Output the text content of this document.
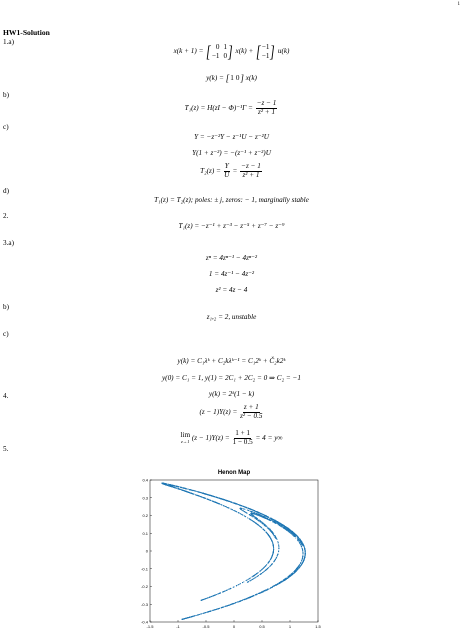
1
HW1-Solution
1.a)
x(k + 1) = [ 0 1
−1 0 ] x(k) + [ −1
−1 ] u(k)
y(k) = [ 1 0 ] x(k)
b)
$T_1(z) = H(zI - \Phi)^{-1}\Gamma = \frac{-z - 1}{\text{z² + 1}}$
c)
Y = −z⁻²Y − z⁻¹U − z⁻²U
Y(1 + z⁻²) = −(z⁻¹ + z⁻²)U
$T_2(z) = \frac{Y}{U} = \frac{-z - 1}{\text{z² + 1}}$
d)
T₁(z) = T₂(z); poles: ± j, zeros: − 1, marginally stable
2.
T₁(z) = −z⁻¹ + z⁻³ − z⁻⁵ + z⁻⁷ − z⁻⁹
3.a)
zⁿ = 4zⁿ⁻¹ − 4zⁿ⁻²
1 = 4z⁻¹ − 4z⁻²
z² = 4z − 4
b)
z₁,₂ = 2, unstable
c)
y(k) = C₁λᵏ + C₂kλᵏ⁻¹ = C₁2ᵏ + Č₂k2ᵏ
y(0) = C₁ = 1, y(1) = 2C₁ + 2C₂ = 0 ⇒ C₂ = −1
y(k) = 2ᵏ(1 − k)
4.
$(z - 1)Y(z) = \frac{z + 1}{\text{z² − 0.5}}$
lim
z→1 $(z - 1)Y(z) = \frac{1 + 1}{1 - 0.5} = 4 = y\infty$
5.
Henon Map
0.4
0.3
0.2
0.1
0
-0.1
-0.2
-0.3
-0.4
-1.5	-1	-0.5	0	0.5	1	1.5
